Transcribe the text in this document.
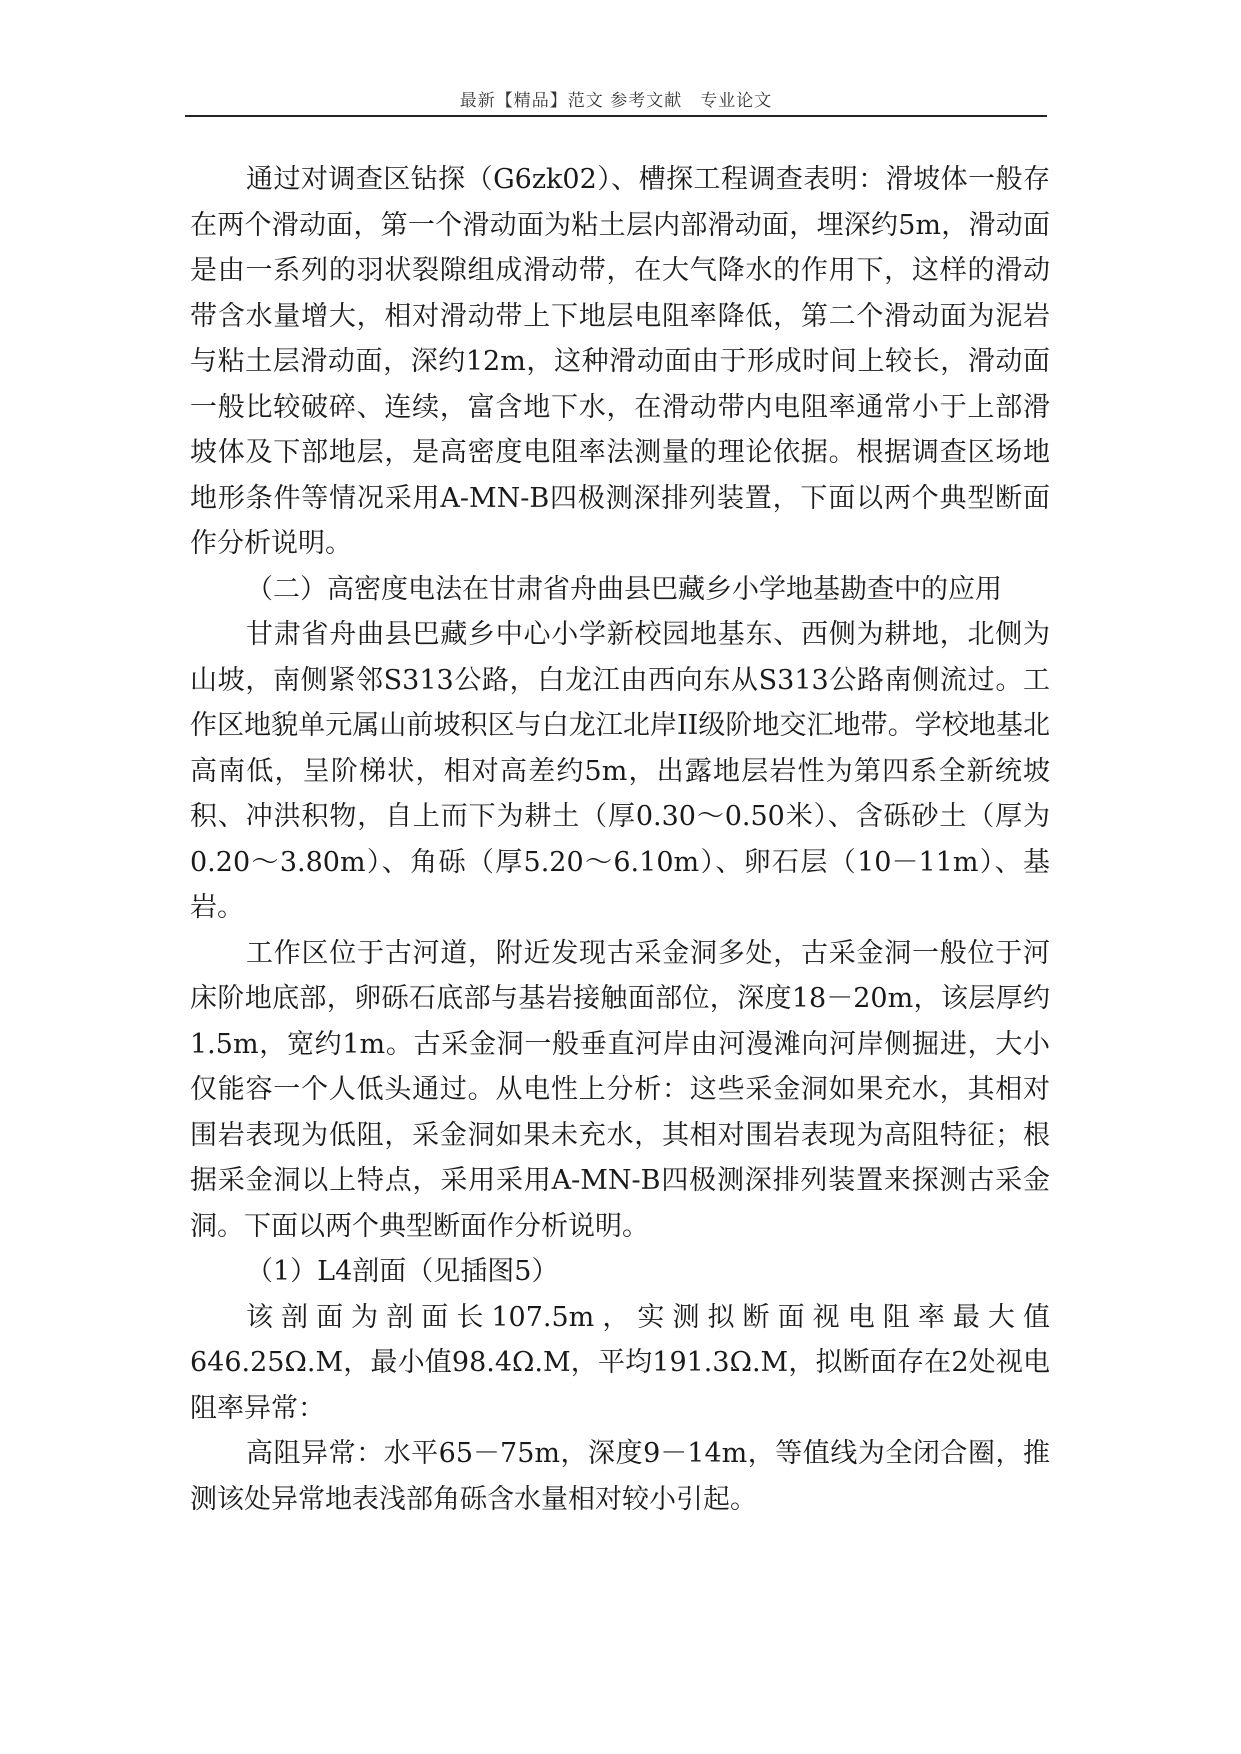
最新【精品】范文 参考文献　专业论文

通过对调查区钻探（G6zk02）、槽探工程调查表明：滑坡体一般存在两个滑动面，第一个滑动面为粘土层内部滑动面，埋深约5m，滑动面是由一系列的羽状裂隙组成滑动带，在大气降水的作用下，这样的滑动带含水量增大，相对滑动带上下地层电阻率降低，第二个滑动面为泥岩与粘土层滑动面，深约12m，这种滑动面由于形成时间上较长，滑动面一般比较破碎、连续，富含地下水，在滑动带内电阻率通常小于上部滑坡体及下部地层，是高密度电阻率法测量的理论依据。根据调查区场地地形条件等情况采用A-MN-B四极测深排列装置，下面以两个典型断面作分析说明。

（二）高密度电法在甘肃省舟曲县巴藏乡小学地基勘查中的应用

甘肃省舟曲县巴藏乡中心小学新校园地基东、西侧为耕地，北侧为山坡，南侧紧邻S313公路，白龙江由西向东从S313公路南侧流过。工作区地貌单元属山前坡积区与白龙江北岸II级阶地交汇地带。学校地基北高南低，呈阶梯状，相对高差约5m，出露地层岩性为第四系全新统坡积、冲洪积物，自上而下为耕土（厚0.30～0.50米）、含砾砂土（厚为0.20～3.80m）、角砾（厚5.20～6.10m）、卵石层（10－11m）、基岩。

工作区位于古河道，附近发现古采金洞多处，古采金洞一般位于河床阶地底部，卵砾石底部与基岩接触面部位，深度18－20m，该层厚约1.5m，宽约1m。古采金洞一般垂直河岸由河漫滩向河岸侧掘进，大小仅能容一个人低头通过。从电性上分析：这些采金洞如果充水，其相对围岩表现为低阻，采金洞如果未充水，其相对围岩表现为高阻特征；根据采金洞以上特点，采用采用A-MN-B四极测深排列装置来探测古采金洞。下面以两个典型断面作分析说明。

（1）L4剖面（见插图5）

该剖面为剖面长107.5m，实测拟断面视电阻率最大值646.25Ω.M，最小值98.4Ω.M，平均191.3Ω.M，拟断面存在2处视电阻率异常：

高阻异常：水平65－75m，深度9－14m，等值线为全闭合圈，推测该处异常地表浅部角砾含水量相对较小引起。
